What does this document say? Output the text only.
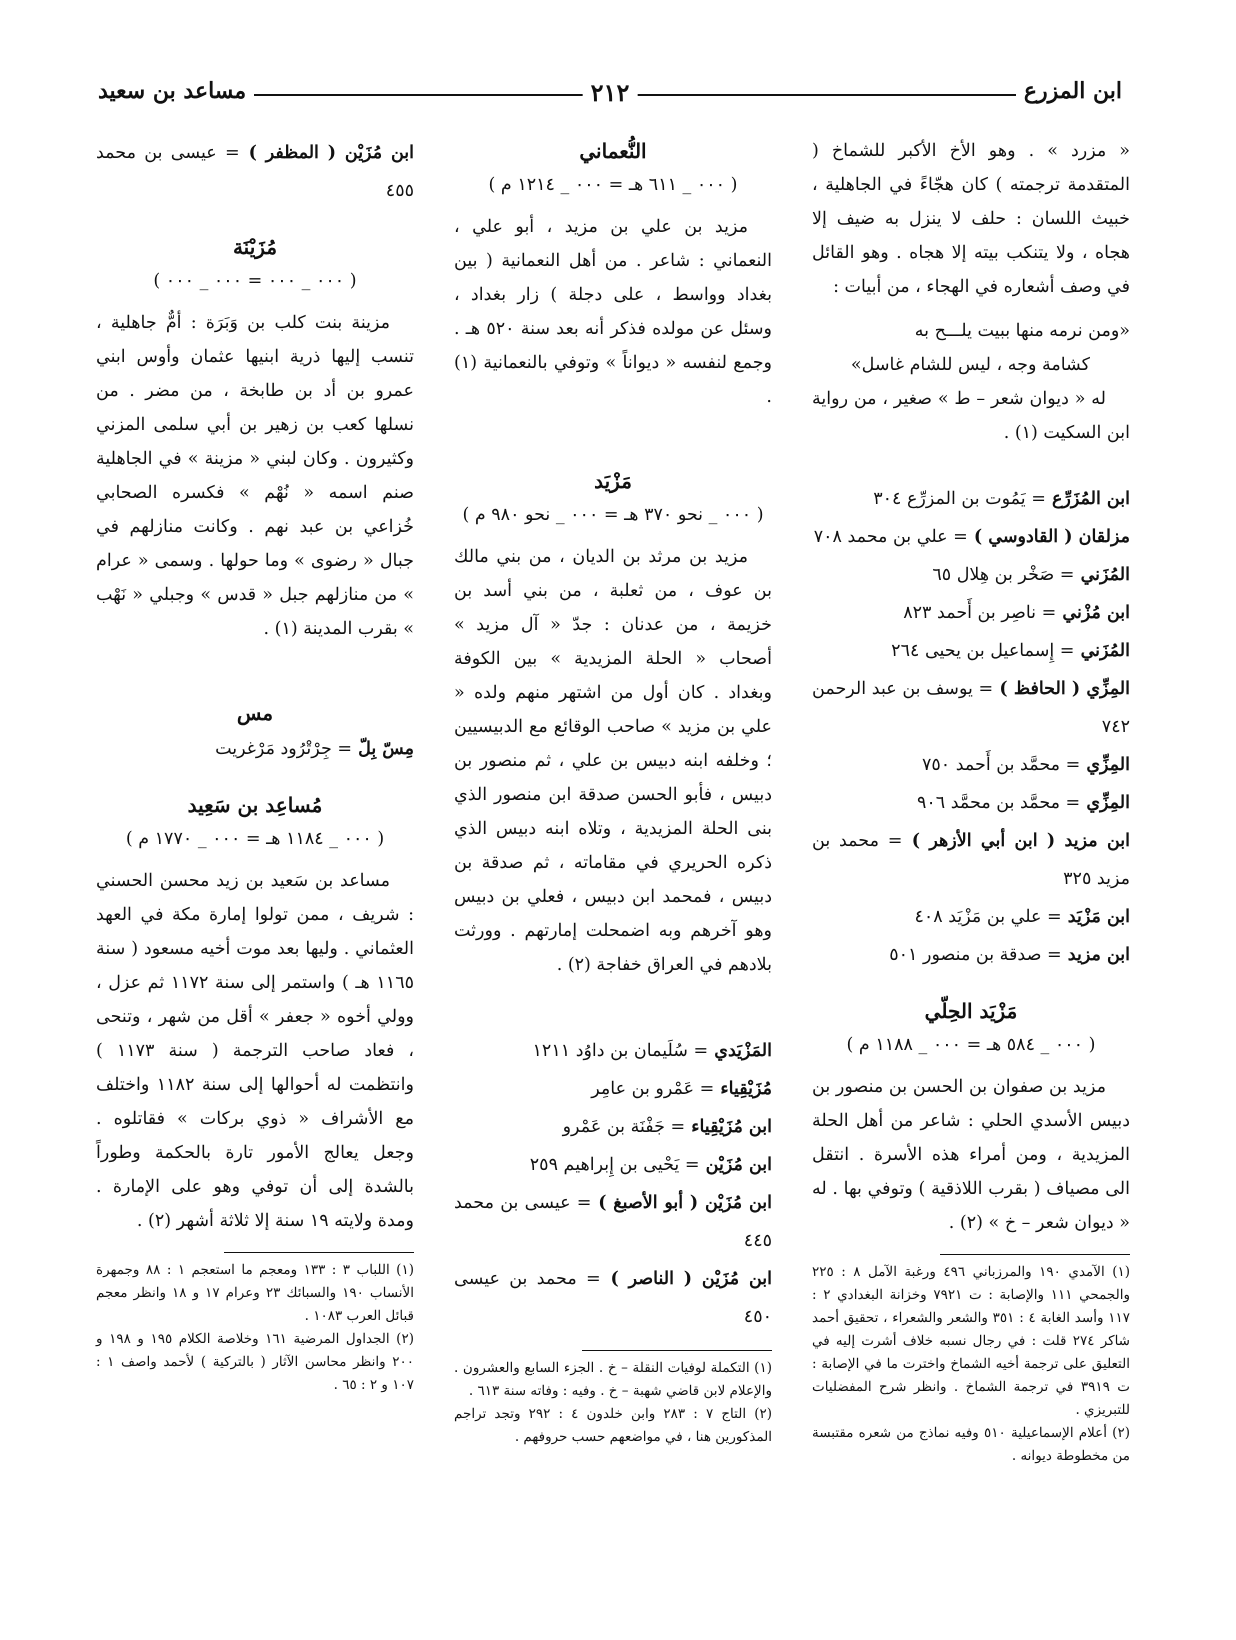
ابن المزرع
٢١٢
مساعد بن سعيد

« مزرد » . وهو الأخ الأكبر للشماخ ( المتقدمة ترجمته ) كان هجّاءً في الجاهلية ، خبيث اللسان : حلف لا ينزل به ضيف إلا هجاه ، ولا يتنكب بيته إلا هجاه . وهو القائل في وصف أشعاره في الهجاء ، من أبيات :

«ومن نرمه منها ببيت يلـــح به

كشامة وجه ، ليس للشام غاسل»

له « ديوان شعر – ط » صغير ، من رواية ابن السكيت (١) .

ابن المُزَرِّع = يَمُوت بن المزرِّع ٣٠٤

مزلقان ( القادوسي ) = علي بن محمد ٧٠٨

المُزَني = صَخْر بن هِلال ٦٥

ابن مُزْني = ناصِر بن أَحمد ٨٢٣

المُزَني = إِسماعيل بن يحيى ٢٦٤

المِزِّي ( الحافظ ) = يوسف بن عبد الرحمن ٧٤٢

المِزِّي = محمَّد بن أَحمد ٧٥٠

المِزِّي = محمَّد بن محمَّد ٩٠٦

ابن مزيد ( ابن أبي الأزهر ) = محمد بن مزيد ٣٢٥

ابن مَزْيَد = علي بن مَزْيَد ٤٠٨

ابن مزيد = صدقة بن منصور ٥٠١

مَزْيَد الحِلّي

( ٠٠٠ _ ٥٨٤ هـ = ٠٠٠ _ ١١٨٨ م )

مزيد بن صفوان بن الحسن بن منصور بن دبيس الأسدي الحلي : شاعر من أهل الحلة المزيدية ، ومن أمراء هذه الأسرة . انتقل الى مصياف ( بقرب اللاذقية ) وتوفي بها . له « ديوان شعر – خ » (٢) .

(١) الآمدي ١٩٠ والمرزباني ٤٩٦ ورغبة الآمل ٨ : ٢٢٥ والجمحي ١١١ والإصابة : ت ٧٩٢١ وخزانة البغدادي ٢ : ١١٧ وأسد الغابة ٤ : ٣٥١ والشعر والشعراء ، تحقيق أحمد شاكر ٢٧٤ قلت : في رجال نسبه خلاف أشرت إليه في التعليق على ترجمة أخيه الشماخ واخترت ما في الإصابة : ت ٣٩١٩ في ترجمة الشماخ . وانظر شرح المفضليات للتبريزي .

(٢) أعلام الإسماعيلية ٥١٠ وفيه نماذج من شعره مقتبسة من مخطوطة ديوانه .

النُّعماني

( ٠٠٠ _ ٦١١ هـ = ٠٠٠ _ ١٢١٤ م )

مزيد بن علي بن مزيد ، أبو علي ، النعماني : شاعر . من أهل النعمانية ( بين بغداد وواسط ، على دجلة ) زار بغداد ، وسئل عن مولده فذكر أنه بعد سنة ٥٢٠ هـ . وجمع لنفسه « ديواناً » وتوفي بالنعمانية (١) .

مَزْيَد

( ٠٠٠ _ نحو ٣٧٠ هـ = ٠٠٠ _ نحو ٩٨٠ م )

مزيد بن مرثد بن الديان ، من بني مالك بن عوف ، من ثعلبة ، من بني أسد بن خزيمة ، من عدنان : جدّ « آل مزيد » أصحاب « الحلة المزيدية » بين الكوفة وبغداد . كان أول من اشتهر منهم ولده « علي بن مزيد » صاحب الوقائع مع الدبيسيين ؛ وخلفه ابنه دبيس بن علي ، ثم منصور بن دبيس ، فأبو الحسن صدقة ابن منصور الذي بنى الحلة المزيدية ، وتلاه ابنه دبيس الذي ذكره الحريري في مقاماته ، ثم صدقة بن دبيس ، فمحمد ابن دبيس ، فعلي بن دبيس وهو آخرهم وبه اضمحلت إمارتهم . وورثت بلادهم في العراق خفاجة (٢) .

المَزْيَدي = سُلَيمان بن داوُد ١٢١١

مُزَيْقِياء = عَمْرو بن عامِر

ابن مُزَيْقِياء = جَفْنَة بن عَمْرو

ابن مُزَيْن = يَحْيى بن إِبراهيم ٢٥٩

ابن مُزَيْن ( أبو الأصبغ ) = عيسى بن محمد ٤٤٥

ابن مُزَيْن ( الناصر ) = محمد بن عيسى ٤٥٠

(١) التكملة لوفيات النقلة – خ . الجزء السابع والعشرون . والإعلام لابن قاضي شهبة – خ . وفيه : وفاته سنة ٦١٣ .

(٢) التاج ٧ : ٢٨٣ وابن خلدون ٤ : ٢٩٢ وتجد تراجم المذكورين هنا ، في مواضعهم حسب حروفهم .

ابن مُزَيْن ( المظفر ) = عيسى بن محمد ٤٥٥

مُزَيْنَة

( ٠٠٠ _ ٠٠٠ = ٠٠٠ _ ٠٠٠ )

مزينة بنت كلب بن وَبَرَة : أمٌّ جاهلية ، تنسب إليها ذرية ابنيها عثمان وأوس ابني عمرو بن أد بن طابخة ، من مضر . من نسلها كعب بن زهير بن أبي سلمى المزني وكثيرون . وكان لبني « مزينة » في الجاهلية صنم اسمه « نُهْم » فكسره الصحابي خُزاعي بن عبد نهم . وكانت منازلهم في جبال « رضوى » وما حولها . وسمى « عرام » من منازلهم جبل « قدس » وجبلي « نَهْب » بقرب المدينة (١) .

مس

مِسّ بِلّ = جِرْتْرُود مَرْغريت

مُساعِد بن سَعِيد

( ٠٠٠ _ ١١٨٤ هـ = ٠٠٠ _ ١٧٧٠ م )

مساعد بن سَعيد بن زيد محسن الحسني : شريف ، ممن تولوا إمارة مكة في العهد العثماني . وليها بعد موت أخيه مسعود ( سنة ١١٦٥ هـ ) واستمر إلى سنة ١١٧٢ ثم عزل ، وولي أخوه « جعفر » أقل من شهر ، وتنحى ، فعاد صاحب الترجمة ( سنة ١١٧٣ ) وانتظمت له أحوالها إلى سنة ١١٨٢ واختلف مع الأشراف « ذوي بركات » فقاتلوه . وجعل يعالج الأمور تارة بالحكمة وطوراً بالشدة إلى أن توفي وهو على الإمارة . ومدة ولايته ١٩ سنة إلا ثلاثة أشهر (٢) .

(١) اللباب ٣ : ١٣٣ ومعجم ما استعجم ١ : ٨٨ وجمهرة الأنساب ١٩٠ والسبائك ٢٣ وعرام ١٧ و ١٨ وانظر معجم قبائل العرب ١٠٨٣ .

(٢) الجداول المرضية ١٦١ وخلاصة الكلام ١٩٥ و ١٩٨ و ٢٠٠ وانظر محاسن الآثار ( بالتركية ) لأحمد واصف ١ : ١٠٧ و ٢ : ٦٥ .
